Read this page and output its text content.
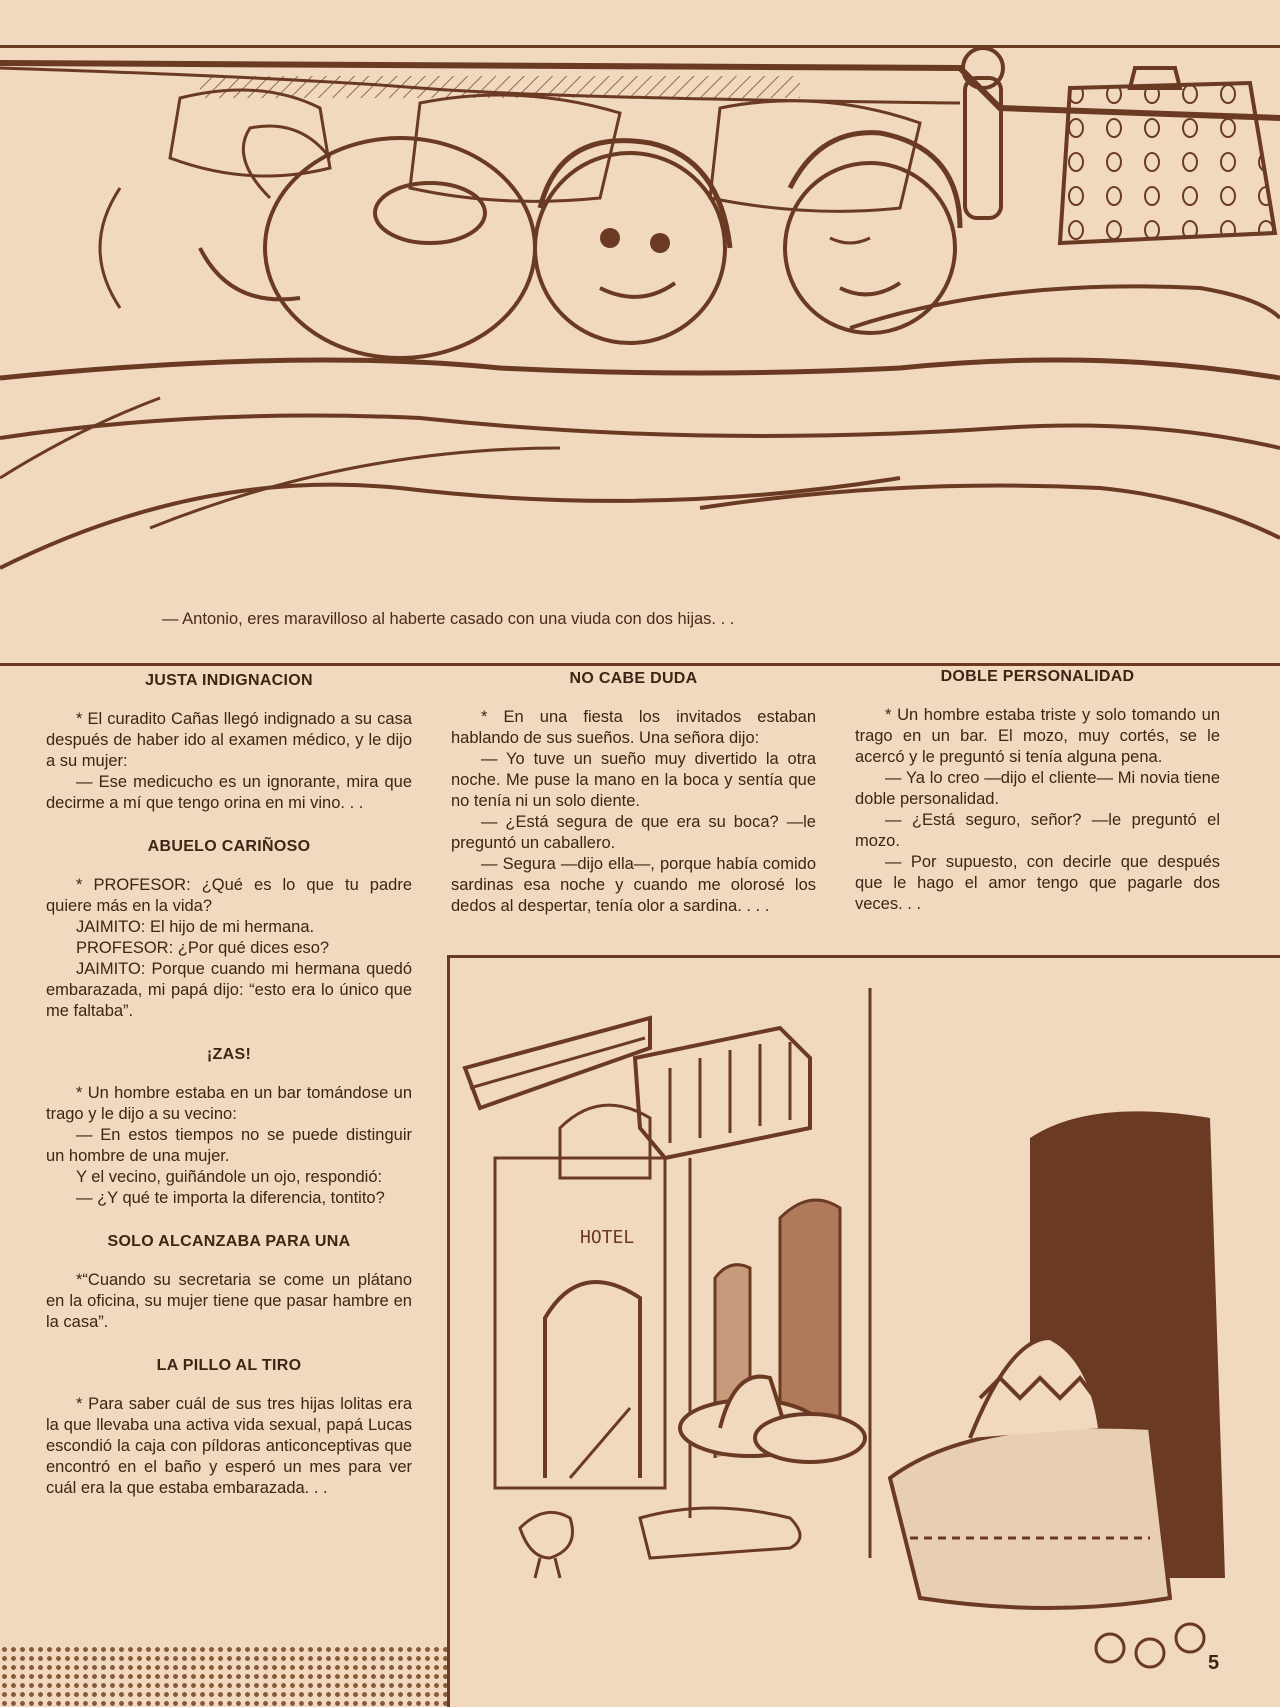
— Antonio, eres maravilloso al haberte casado con una viuda con dos hijas. . .
JUSTA INDIGNACION

* El curadito Cañas llegó indignado a su casa después de haber ido al examen médico, y le dijo a su mujer:

— Ese medicucho es un ignorante, mira que decirme a mí que tengo orina en mi vino. . .

ABUELO CARIÑOSO

* PROFESOR: ¿Qué es lo que tu padre quiere más en la vida?

JAIMITO: El hijo de mi hermana.

PROFESOR: ¿Por qué dices eso?

JAIMITO: Porque cuando mi hermana quedó embarazada, mi papá dijo: “esto era lo único que me faltaba”.

¡ZAS!

* Un hombre estaba en un bar tomándose un trago y le dijo a su vecino:

— En estos tiempos no se puede distinguir un hombre de una mujer.

Y el vecino, guiñándole un ojo, respondió:

— ¿Y qué te importa la diferencia, tontito?

SOLO ALCANZABA PARA UNA

*“Cuando su secretaria se come un plátano en la oficina, su mujer tiene que pasar hambre en la casa”.

LA PILLO AL TIRO

* Para saber cuál de sus tres hijas lolitas era la que llevaba una activa vida sexual, papá Lucas escondió la caja con píldoras anticonceptivas que encontró en el baño y esperó un mes para ver cuál era la que estaba embarazada. . .

NO CABE DUDA

* En una fiesta los invitados estaban hablando de sus sueños. Una señora dijo:

— Yo tuve un sueño muy divertido la otra noche. Me puse la mano en la boca y sentía que no tenía ni un solo diente.

— ¿Está segura de que era su boca? —le preguntó un caballero.

— Segura —dijo ella—, porque había comido sardinas esa noche y cuando me olorosé los dedos al despertar, tenía olor a sardina. . . .

DOBLE PERSONALIDAD

* Un hombre estaba triste y solo tomando un trago en un bar. El mozo, muy cortés, se le acercó y le preguntó si tenía alguna pena.

— Ya lo creo —dijo el cliente— Mi novia tiene doble personalidad.

— ¿Está seguro, señor? —le preguntó el mozo.

— Por supuesto, con decirle que después que le hago el amor tengo que pagarle dos veces. . .

HOTEL
5
